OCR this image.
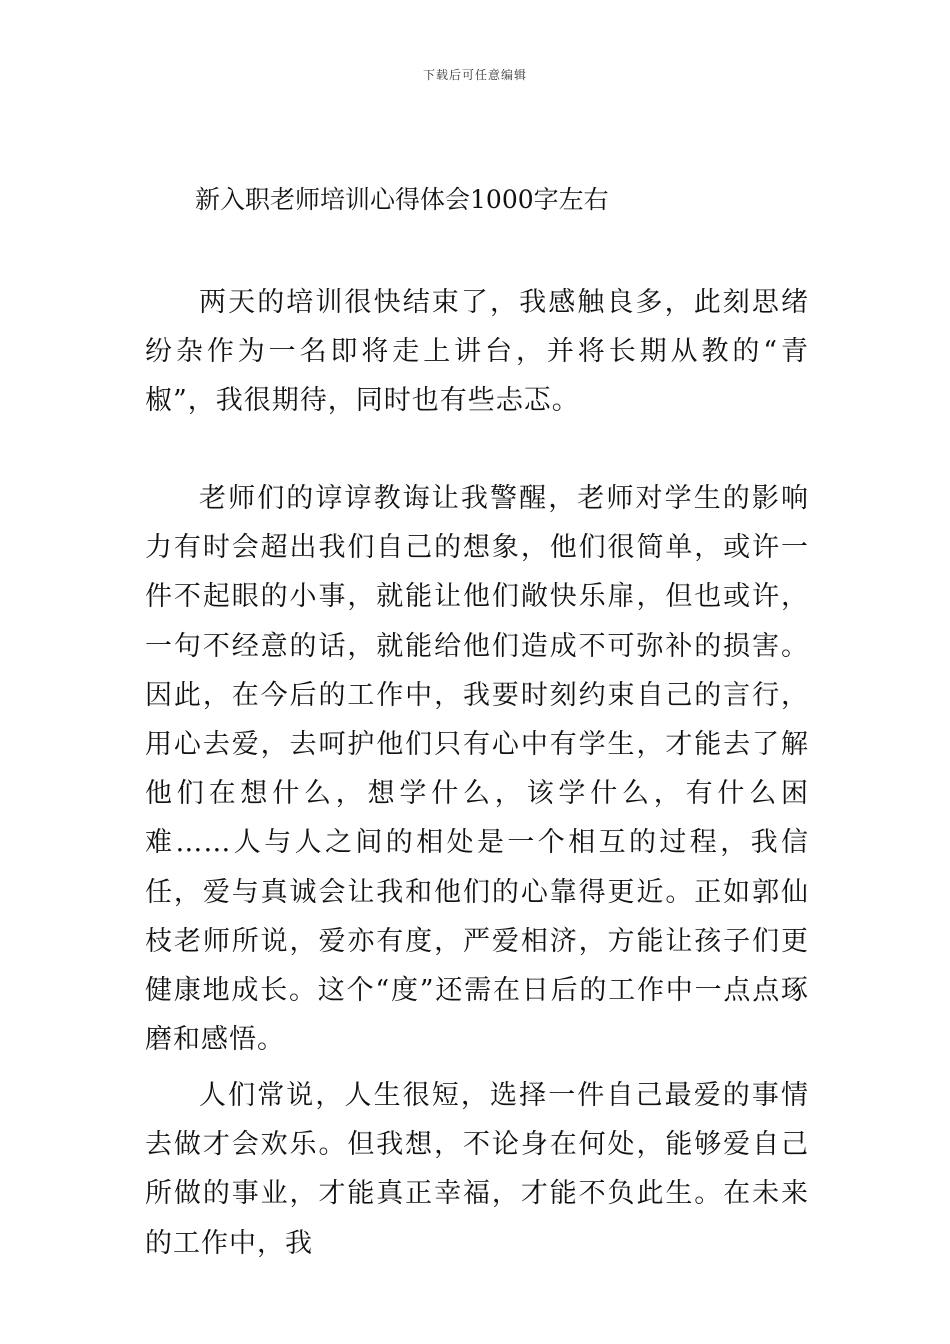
下载后可任意编辑
新入职老师培训心得体会1000字左右

两天的培训很快结束了，我感触良多，此刻思绪纷杂作为一名即将走上讲台，并将长期从教的“青椒”，我很期待，同时也有些忐忑。

老师们的谆谆教诲让我警醒，老师对学生的影响力有时会超出我们自己的想象，他们很简单，或许一件不起眼的小事，就能让他们敞快乐扉，但也或许，一句不经意的话，就能给他们造成不可弥补的损害。因此，在今后的工作中，我要时刻约束自己的言行，用心去爱，去呵护他们只有心中有学生，才能去了解他们在想什么，想学什么，该学什么，有什么困难……人与人之间的相处是一个相互的过程，我信任，爱与真诚会让我和他们的心靠得更近。正如郭仙枝老师所说，爱亦有度，严爱相济，方能让孩子们更健康地成长。这个“度”还需在日后的工作中一点点琢磨和感悟。

人们常说，人生很短，选择一件自己最爱的事情去做才会欢乐。但我想，不论身在何处，能够爱自己所做的事业，才能真正幸福，才能不负此生。在未来的工作中，我
